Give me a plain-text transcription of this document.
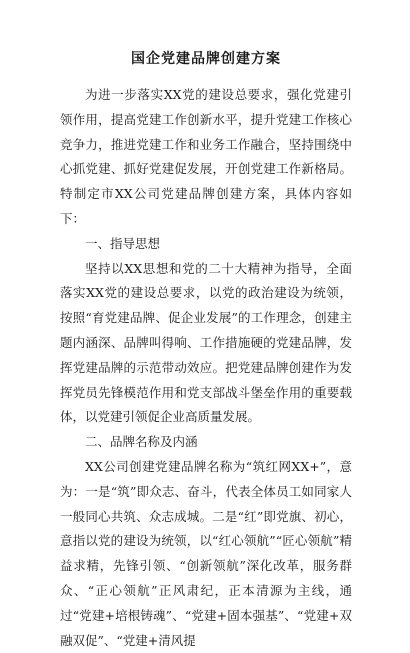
国企党建品牌创建方案

为进一步落实XX党的建设总要求，强化党建引领作用，提高党建工作创新水平，提升党建工作核心竞争力，推进党建工作和业务工作融合，坚持围绕中心抓党建、抓好党建促发展，开创党建工作新格局。特制定市XX公司党建品牌创建方案，具体内容如下：

一、指导思想

坚持以XX思想和党的二十大精神为指导，全面落实XX党的建设总要求，以党的政治建设为统领，按照“育党建品牌、促企业发展”的工作理念，创建主题内涵深、品牌叫得响、工作措施硬的党建品牌，发挥党建品牌的示范带动效应。把党建品牌创建作为发挥党员先锋模范作用和党支部战斗堡垒作用的重要载体，以党建引领促企业高质量发展。

二、品牌名称及内涵

XX公司创建党建品牌名称为“筑红网XX+”，意为：一是“筑”即众志、奋斗，代表全体员工如同家人一般同心共筑、众志成城。二是“红”即党旗、初心，意指以党的建设为统领，以“红心领航”“匠心领航”精益求精，先锋引领、“创新领航”深化改革，服务群众、“正心领航”正风肃纪，正本清源为主线，通过“党建+培根铸魂”、“党建+固本强基”、“党建+双融双促”、“党建+清风提
